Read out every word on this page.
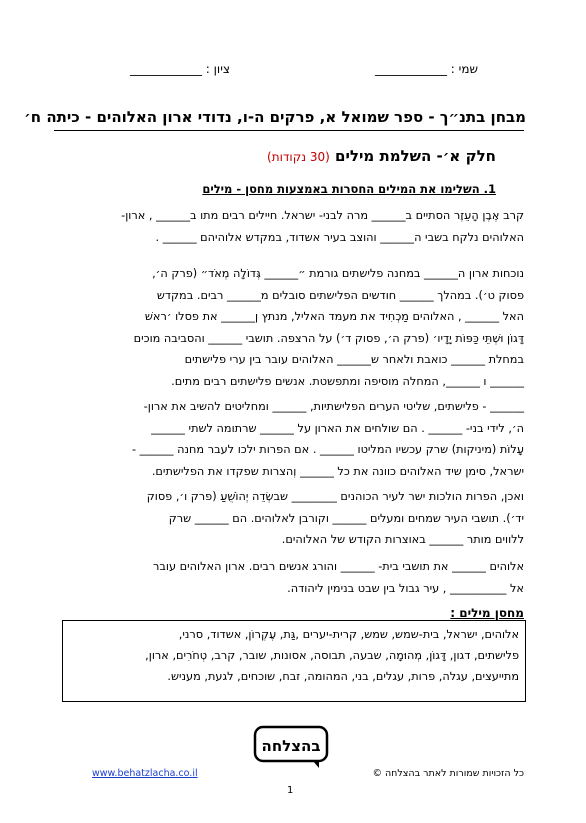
שמי : ____________
ציון : ____________
מבחן בתנ״ך - ספר שמואל א, פרקים ה-ו, נדודי ארון האלוהים - כיתה ח׳
חלק א׳- השלמת מילים (30 נקודות)
1. השלימו את המילים החסרות באמצעות מחסן - מילים

קרב אֶבֶן הָעֵזֶר הסתיים ב______ מרה לבני- ישראל. חיילים רבים מתו ב______ , ארון-

האלוהים נלקח בשבי ה______ והוצב בעיר אשדוד, במקדש אלוהיהם ______ .

נוכחות ארון ה______ במחנה פלישתים גורמת ״______ גְּדוֹלָה מְאֹד״ (פרק ה׳,

פסוק ט׳). במהלך ______ חודשים הפלישתים סובלים מ______ רבים. במקדש

האל ______ , האלוהים מַכְחִיד את מעמד האליל, מנתץ ן______ את פסלו ׳ראשׁ

דָּגוֹן וּשְׁתֵּי כַּפּוֹת יָדָיו׳ (פרק ה׳, פסוק ד׳) על הרצפה. תושבי ______ והסביבה מוכים

במחלת ______ כואבת ולאחר ש______ האלוהים עובר בין ערי פלישתים

______ ו ______, המחלה מוסיפה ומתפשטת. אנשים פלישתים רבים מתים.

______ - פלישתים, שליטי הערים הפלישתיות, ______ ומחליטים להשיב את ארון-

ה׳, לידי בני- ______ . הם שולחים את הארון על ______ שרתומה לשתי ______

עָלוֹת (מיניקות) שרק עכשיו המליטו ______ . אם הפרות ילכו לעבר מחנה ______ -

ישראל, סימן שיד האלוהים כוונה את כל ______ וְהצרות שפקדו את הפלישתים.

ואכן, הפרות הולכות ישר לעיר הכוהנים ________ שבשְׂדֵה יְהוֹשֻׁעַ (פרק ו׳, פסוק

יד׳). תושבי העיר שמחים ומעלים ______ וקורבן לאלוהים. הם ______ שרק

ללווים מותר ______ באוצרות הקודש של האלוהים.

אלוהים ______ את תושבי בית- ______ והורג אנשים רבים. ארון האלוהים עובר

אל __________ , עיר גבול בין שבט בנימין ליהודה.

מחסן מילים :

אלוהים, ישראל, בית-שמש, שמש, קרית-יערים ,גַּת, עֶקְרוֹן, אשדוד, סרני,

פלישתים, דגון, דָּגוֹן, מְהוּמָה, שבעה, תבוסה, אסונות, שובר, קרב, טְחֹרִים, ארון,

מתייעצים, עגלה, פרות, עגלים, בני, המהומה, זבח, שוכחים, לגעת, מעניש.

בהצלחה
כל הזכויות שמורות לאתר בהצלחה ©
www.behatzlacha.co.il
1
